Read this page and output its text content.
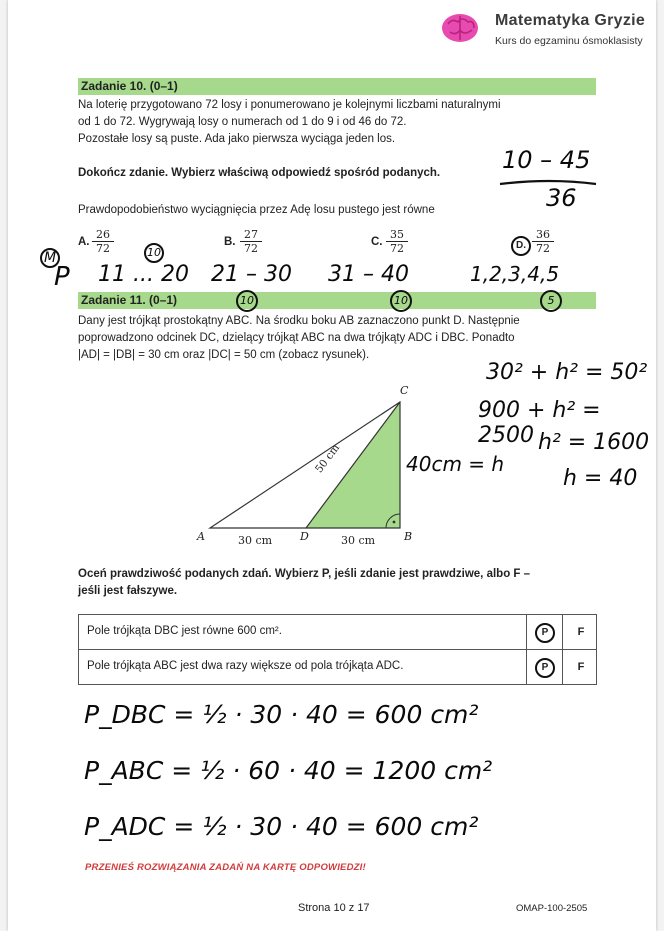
Matematyka Gryzie
Kurs do egzaminu ósmoklasisty
Zadanie 10. (0–1)
Na loterię przygotowano 72 losy i ponumerowano je kolejnymi liczbami naturalnymi
od 1 do 72. Wygrywają losy o numerach od 1 do 9 i od 46 do 72.
Pozostałe losy są puste. Ada jako pierwsza wyciąga jeden los.
Dokończ zdanie. Wybierz właściwą odpowiedź spośród podanych.
Prawdopodobieństwo wyciągnięcia przez Adę losu pustego jest równe
A. $\frac{26}{72}$	B. $\frac{27}{72}$	C. $\frac{35}{72}$	D. $\frac{36}{72}$
10 – 45
36
M
P
10
11 ... 20 21 – 30 31 – 40	1,2,3,4,5
Zadanie 11. (0–1)	10	10	5
Dany jest trójkąt prostokątny ABC. Na środku boku AB zaznaczono punkt D. Następnie
poprowadzono odcinek DC, dzielący trójkąt ABC na dwa trójkąty ADC i DBC. Ponadto
|AD| = |DB| = 30 cm oraz |DC| = 50 cm (zobacz rysunek).
A	D	B
C
30 cm	30 cm
50 cm	40cm = h
30² + h² = 50²
900 + h² = 2500 h² = 1600
h = 40
Oceń prawdziwość podanych zdań. Wybierz P, jeśli zdanie jest prawdziwe, albo F –
jeśli jest fałszywe.
Pole trójkąta DBC jest równe 600 cm².	P	F
Pole trójkąta ABC jest dwa razy większe od pola trójkąta ADC.	P	F
P_DBC = ½ · 30 · 40 = 600 cm²
P_ABC = ½ · 60 · 40 = 1200 cm²
P_ADC = ½ · 30 · 40 = 600 cm²
PRZENIEŚ ROZWIĄZANIA ZADAŃ NA KARTĘ ODPOWIEDZI!
Strona 10 z 17	OMAP-100-2505
